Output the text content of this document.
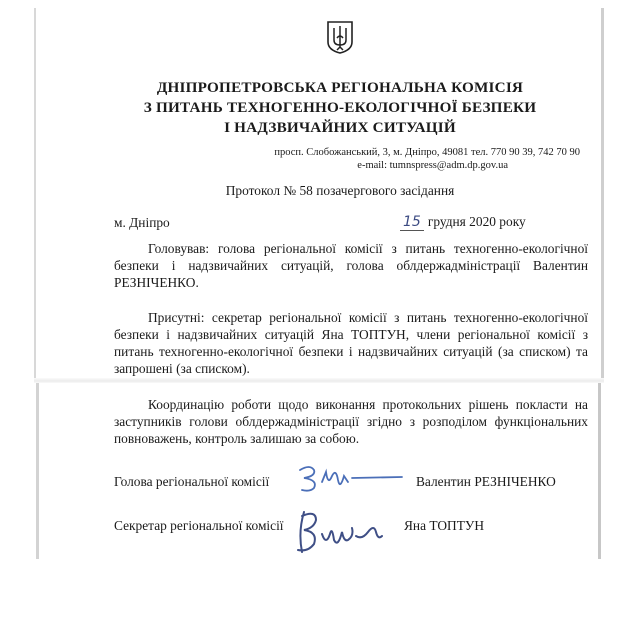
ДНІПРОПЕТРОВСЬКА РЕГІОНАЛЬНА КОМІСІЯ
З ПИТАНЬ ТЕХНОГЕННО-ЕКОЛОГІЧНОЇ БЕЗПЕКИ
І НАДЗВИЧАЙНИХ СИТУАЦІЙ
просп. Слобожанський, 3, м. Дніпро, 49081 тел. 770 90 39, 742 70 90
e-mail: tumnspress@adm.dp.gov.ua
Протокол № 58 позачергового засідання
м. Дніпро	15 грудня 2020 року
Головував: голова регіональної комісії з питань техногенно-екологічної безпеки і надзвичайних ситуацій, голова облдержадміністрації Валентин РЕЗНІЧЕНКО.
Присутні: секретар регіональної комісії з питань техногенно-екологічної безпеки і надзвичайних ситуацій Яна ТОПТУН, члени регіональної комісії з питань техногенно-екологічної безпеки і надзвичайних ситуацій (за списком) та запрошені (за списком).
Координацію роботи щодо виконання протокольних рішень покласти на заступників голови облдержадміністрації згідно з розподілом функціональних повноважень, контроль залишаю за собою.
Голова регіональної комісії	Валентин РЕЗНІЧЕНКО
Секретар регіональної комісії	Яна ТОПТУН
